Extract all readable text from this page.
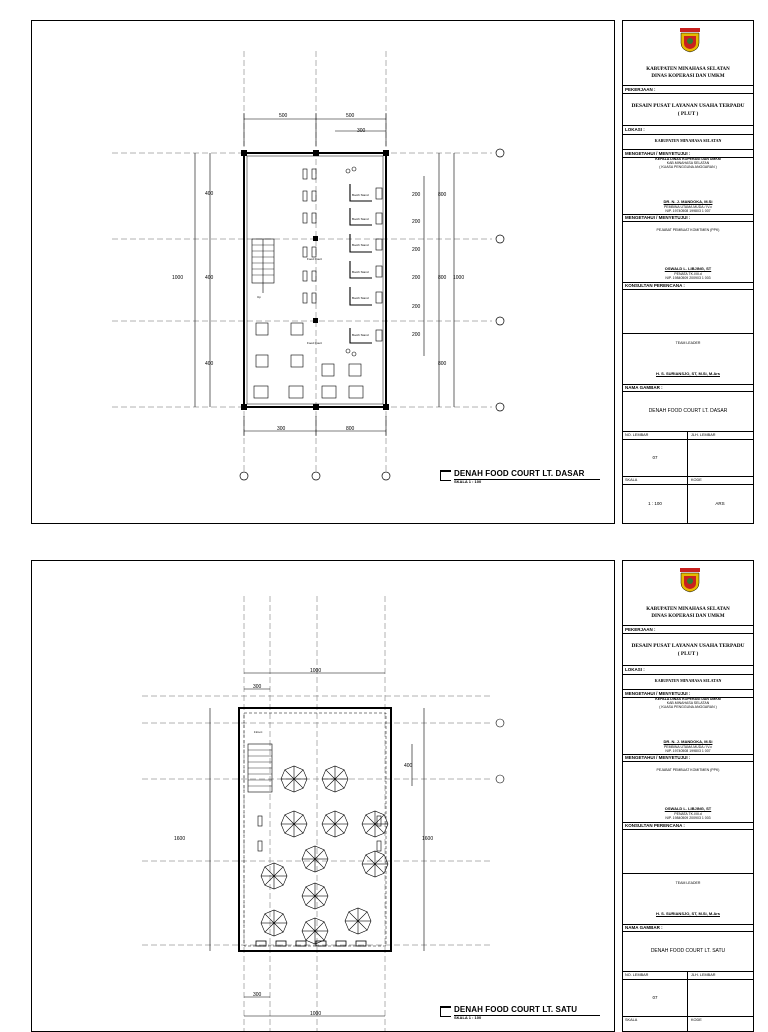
500	500
300
300	800
1000
400
400
400
200
200
200
200
200
200
800
800
800
1000
Booth Stand
Booth Stand
Booth Stand
Booth Stand
Booth Stand
Booth Stand
Food Court
Food Court
Up
DENAH FOOD COURT LT. DASAR
SKALA 1 : 100
KABUPATEN MINAHASA SELATAN
DINAS KOPERASI DAN UMKM
PEKERJAAN :
DESAIN PUSAT LAYANAN USAHA TERPADU
( PLUT )
LOKASI :
KABUPATEN MINAHASA SELATAN
MENGETAHUI / MENYETUJUI :
KEPALA DINAS KOPERASI DAN UMKM
KAB.MINAHASA SELATAN
( KUASA PENGGUNA ANGGARAN )
DR. N. J. MANDOKA, M.Si
PEMBINA UTAMA MUDA / IV.c
NIP. 19740508 199803 1 007
MENGETAHUI / MENYETUJUI :
PEJABAT PEMBUAT KOMITMEN (PPK)
OSWALD L. LIBJING, ST
PENATA TK.I/III.d
NIP. 19840509 200903 1 003
KONSULTAN PERENCANA :
TEAM LEADER
H. S. SURIANSJO, ST, M.Si, M.Ars
NAMA GAMBAR :
DENAH FOOD COURT LT. DASAR
NO. LEMBAR	JLH. LEMBAR
07
SKALA	KODE
1 : 100	ARS
300
1000
300
1000
1600
400
1600
Down
DENAH FOOD COURT LT. SATU
SKALA 1 : 100
KABUPATEN MINAHASA SELATAN
DINAS KOPERASI DAN UMKM
PEKERJAAN :
DESAIN PUSAT LAYANAN USAHA TERPADU
( PLUT )
LOKASI :
KABUPATEN MINAHASA SELATAN
MENGETAHUI / MENYETUJUI :
KEPALA DINAS KOPERASI DAN UMKM
KAB.MINAHASA SELATAN
( KUASA PENGGUNA ANGGARAN )
DR. N. J. MANDOKA, M.Si
PEMBINA UTAMA MUDA / IV.c
NIP. 19740508 199803 1 007
MENGETAHUI / MENYETUJUI :
PEJABAT PEMBUAT KOMITMEN (PPK)
OSWALD L. LIBJING, ST
PENATA TK.I/III.d
NIP. 19840509 200903 1 003
KONSULTAN PERENCANA :
TEAM LEADER
H. S. SURIANSJO, ST, M.Si, M.Ars
NAMA GAMBAR :
DENAH FOOD COURT LT. SATU
NO. LEMBAR	JLH. LEMBAR
07
SKALA	KODE
